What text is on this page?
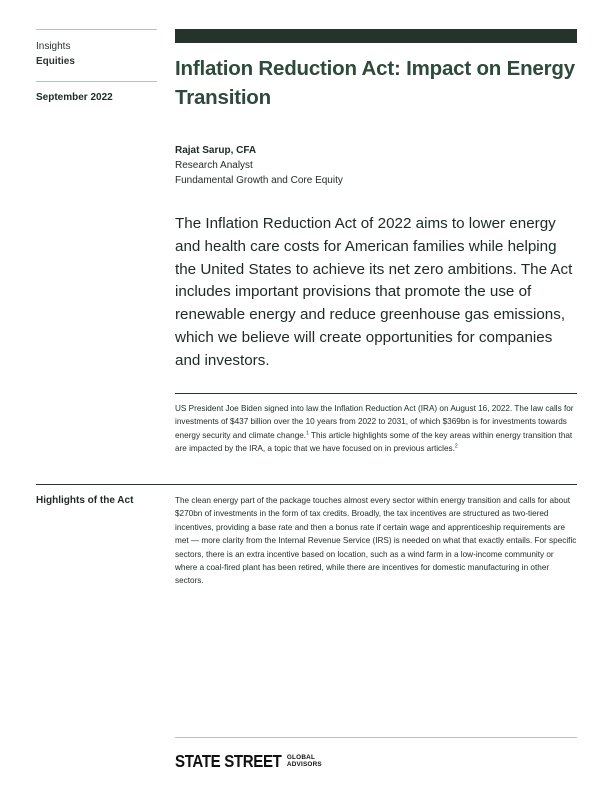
Insights
Equities
September 2022
Inflation Reduction Act: Impact on Energy Transition
Rajat Sarup, CFA
Research Analyst
Fundamental Growth and Core Equity
The Inflation Reduction Act of 2022 aims to lower energy and health care costs for American families while helping the United States to achieve its net zero ambitions. The Act includes important provisions that promote the use of renewable energy and reduce greenhouse gas emissions, which we believe will create opportunities for companies and investors.
US President Joe Biden signed into law the Inflation Reduction Act (IRA) on August 16, 2022. The law calls for investments of $437 billion over the 10 years from 2022 to 2031, of which $369bn is for investments towards energy security and climate change.$^1$ This article highlights some of the key areas within energy transition that are impacted by the IRA, a topic that we have focused on in previous articles.$^2$
Highlights of the Act	The clean energy part of the package touches almost every sector within energy transition and calls for about $270bn of investments in the form of tax credits. Broadly, the tax incentives are structured as two-tiered incentives, providing a base rate and then a bonus rate if certain wage and apprenticeship requirements are met — more clarity from the Internal Revenue Service (IRS) is needed on what that exactly entails. For specific sectors, there is an extra incentive based on location, such as a wind farm in a low-income community or where a coal-fired plant has been retired, while there are incentives for domestic manufacturing in other sectors.
STATE STREET GLOBAL
ADVISORS
